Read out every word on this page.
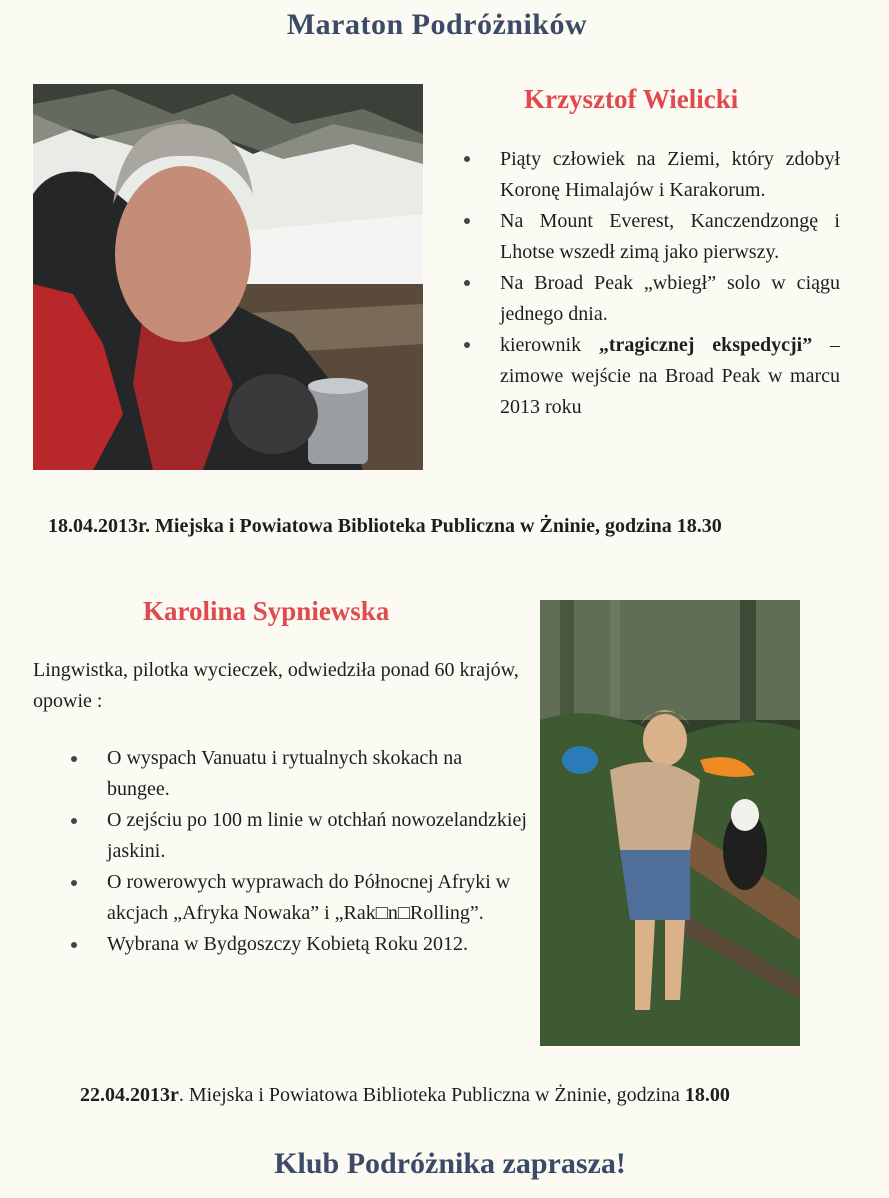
Maraton Podróżników
Krzysztof Wielicki
Piąty człowiek na Ziemi, który zdobył Koronę Himalajów i Karakorum.
Na Mount Everest, Kanczendzongę i Lhotse wszedł zimą jako pierwszy.
Na Broad Peak „wbiegł” solo w ciągu jednego dnia.
kierownik „tragicznej ekspedycji” – zimowe wejście na Broad Peak w marcu 2013 roku
18.04.2013r. Miejska i Powiatowa Biblioteka Publiczna w Żninie, godzina 18.30
Karolina Sypniewska
Lingwistka, pilotka wycieczek, odwiedziła ponad 60 krajów, opowie :
O wyspach Vanuatu i rytualnych skokach na bungee.
O zejściu po 100 m linie w otchłań nowozelandzkiej jaskini.
O rowerowych wyprawach do Północnej Afryki w akcjach „Afryka Nowaka” i „Rak□n□Rolling”.
Wybrana w Bydgoszczy Kobietą Roku 2012.
22.04.2013r. Miejska i Powiatowa Biblioteka Publiczna w Żninie, godzina 18.00
Klub Podróżnika zaprasza!
